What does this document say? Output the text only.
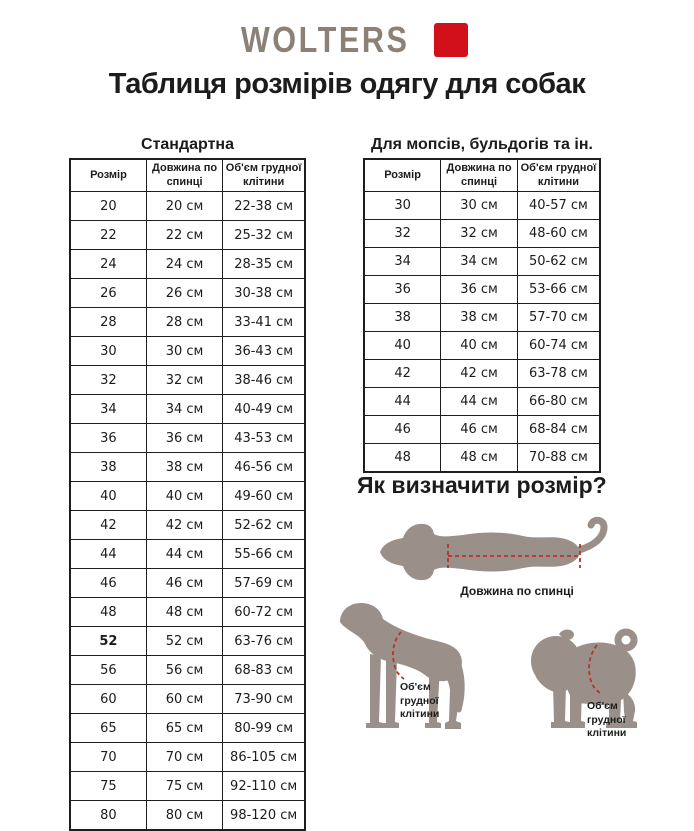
WOLTERS
Таблиця розмірів одягу для собак
Стандартна
Розмір	Довжина по спинці	Об'єм грудної клітини
20	20 см	22-38 см
22	22 см	25-32 см
24	24 см	28-35 см
26	26 см	30-38 см
28	28 см	33-41 см
30	30 см	36-43 см
32	32 см	38-46 см
34	34 см	40-49 см
36	36 см	43-53 см
38	38 см	46-56 см
40	40 см	49-60 см
42	42 см	52-62 см
44	44 см	55-66 см
46	46 см	57-69 см
48	48 см	60-72 см
52	52 см	63-76 см
56	56 см	68-83 см
60	60 см	73-90 см
65	65 см	80-99 см
70	70 см	86-105 см
75	75 см	92-110 см
80	80 см	98-120 см
Для мопсів, бульдогів та ін.
Розмір	Довжина по спинці	Об'єм грудної клітини
30	30 см	40-57 см
32	32 см	48-60 см
34	34 см	50-62 см
36	36 см	53-66 см
38	38 см	57-70 см
40	40 см	60-74 см
42	42 см	63-78 см
44	44 см	66-80 см
46	46 см	68-84 см
48	48 см	70-88 см
Як визначити розмір?
Довжина по спинці
Об'єм
грудної
клітини
Об'єм
грудної
клітини
